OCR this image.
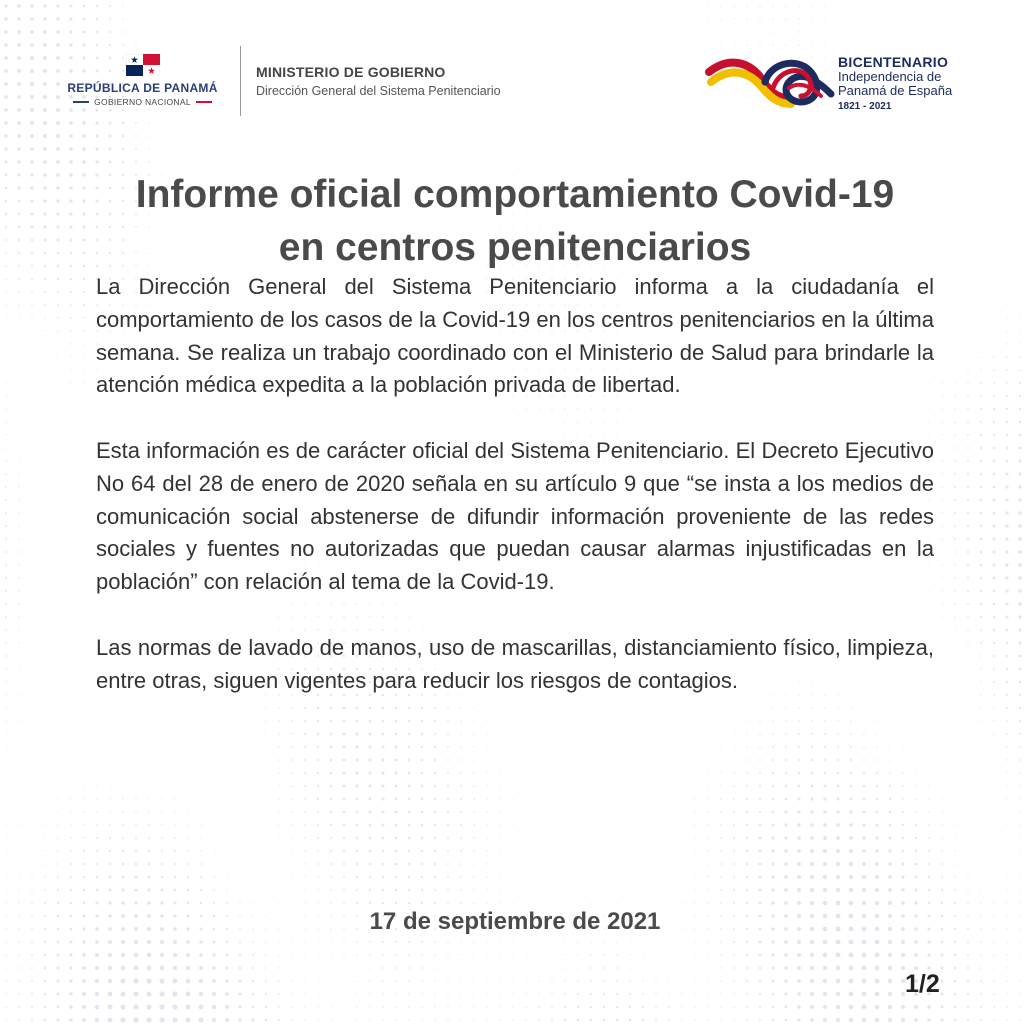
REPÚBLICA DE PANAMÁ
GOBIERNO NACIONAL
MINISTERIO DE GOBIERNO
Dirección General del Sistema Penitenciario
BICENTENARIO
Independencia de
Panamá de España
1821 - 2021
Informe oficial comportamiento Covid-19
en centros penitenciarios

La Dirección General del Sistema Penitenciario informa a la ciudadanía el comportamiento de los casos de la Covid-19 en los centros penitenciarios en la última semana. Se realiza un trabajo coordinado con el Ministerio de Salud para brindarle la atención médica expedita a la población privada de libertad.

Esta información es de carácter oficial del Sistema Penitenciario. El Decreto Ejecutivo No 64 del 28 de enero de 2020 señala en su artículo 9 que “se insta a los medios de comunicación social abstenerse de difundir información proveniente de las redes sociales y fuentes no autorizadas que puedan causar alarmas injustificadas en la población” con relación al tema de la Covid-19.

Las normas de lavado de manos, uso de mascarillas, distanciamiento físico, limpieza, entre otras, siguen vigentes para reducir los riesgos de contagios.

17 de septiembre de 2021
1/2
